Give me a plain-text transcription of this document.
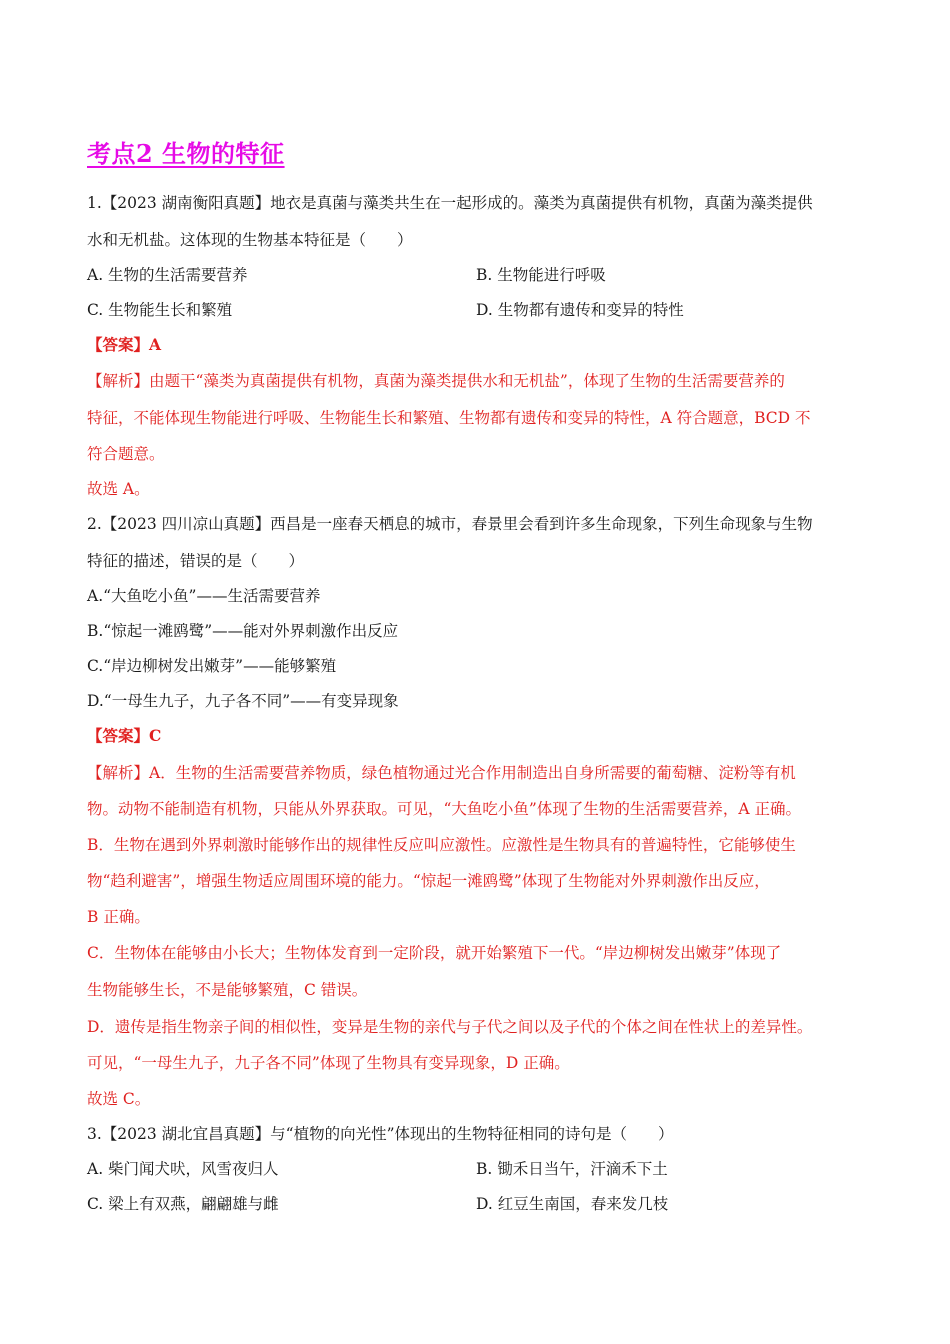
考点2 生物的特征
1.【2023 湖南衡阳真题】地衣是真菌与藻类共生在一起形成的。藻类为真菌提供有机物，真菌为藻类提供
水和无机盐。这体现的生物基本特征是（　　）
A. 生物的生活需要营养	B. 生物能进行呼吸
C. 生物能生长和繁殖	D. 生物都有遗传和变异的特性
【答案】A
【解析】由题干“藻类为真菌提供有机物，真菌为藻类提供水和无机盐”，体现了生物的生活需要营养的
特征，不能体现生物能进行呼吸、生物能生长和繁殖、生物都有遗传和变异的特性，A 符合题意，BCD 不
符合题意。
故选 A。
2.【2023 四川凉山真题】西昌是一座春天栖息的城市，春景里会看到许多生命现象，下列生命现象与生物
特征的描述，错误的是（　　）
A.“大鱼吃小鱼”——生活需要营养
B.“惊起一滩鸥鹭”——能对外界刺激作出反应
C.“岸边柳树发出嫩芽”——能够繁殖
D.“一母生九子，九子各不同”——有变异现象
【答案】C
【解析】A．生物的生活需要营养物质，绿色植物通过光合作用制造出自身所需要的葡萄糖、淀粉等有机
物。动物不能制造有机物，只能从外界获取。可见，“大鱼吃小鱼”体现了生物的生活需要营养，A 正确。
B．生物在遇到外界刺激时能够作出的规律性反应叫应激性。应激性是生物具有的普遍特性，它能够使生
物“趋利避害”，增强生物适应周围环境的能力。“惊起一滩鸥鹭”体现了生物能对外界刺激作出反应，
B 正确。
C．生物体在能够由小长大；生物体发育到一定阶段，就开始繁殖下一代。“岸边柳树发出嫩芽”体现了
生物能够生长，不是能够繁殖，C 错误。
D．遗传是指生物亲子间的相似性，变异是生物的亲代与子代之间以及子代的个体之间在性状上的差异性。
可见，“一母生九子，九子各不同”体现了生物具有变异现象，D 正确。
故选 C。
3.【2023 湖北宜昌真题】与“植物的向光性”体现出的生物特征相同的诗句是（　　）
A. 柴门闻犬吠，风雪夜归人	B. 锄禾日当午，汗滴禾下土
C. 梁上有双燕，翩翩雄与雌	D. 红豆生南国，春来发几枝
